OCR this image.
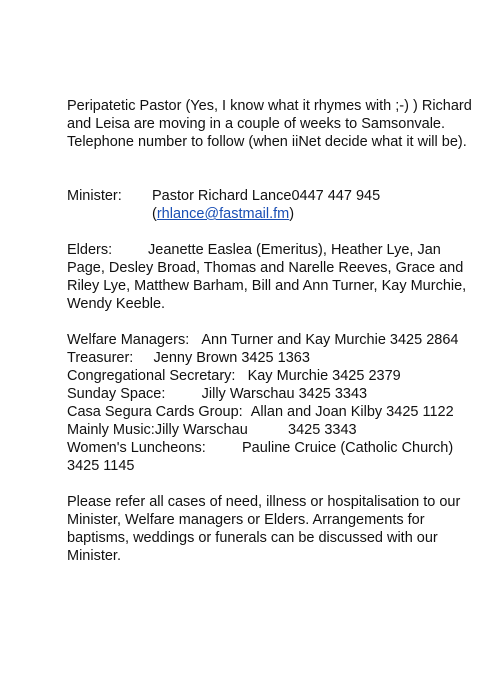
Peripatetic Pastor (Yes, I know what it rhymes with ;-) ) Richard and Leisa are moving in a couple of weeks to Samsonvale. Telephone number to follow (when iiNet decide what it will be).
Minister: Pastor Richard Lance0447 447 945
(rhlance@fastmail.fm)
Elders: Jeanette Easlea (Emeritus), Heather Lye, Jan Page, Desley Broad, Thomas and Narelle Reeves, Grace and Riley Lye, Matthew Barham, Bill and Ann Turner, Kay Murchie, Wendy Keeble.
Welfare Managers: Ann Turner and Kay Murchie 3425 2864
Treasurer: Jenny Brown 3425 1363
Congregational Secretary: Kay Murchie 3425 2379
Sunday Space:	Jilly Warschau 3425 3343
Casa Segura Cards Group: Allan and Joan Kilby 3425 1122
Mainly Music:Jilly Warschau          3425 3343
Women's Luncheons:	Pauline Cruice (Catholic Church) 3425 1145
Please refer all cases of need, illness or hospitalisation to our Minister, Welfare managers or Elders. Arrangements for baptisms, weddings or funerals can be discussed with our Minister.
